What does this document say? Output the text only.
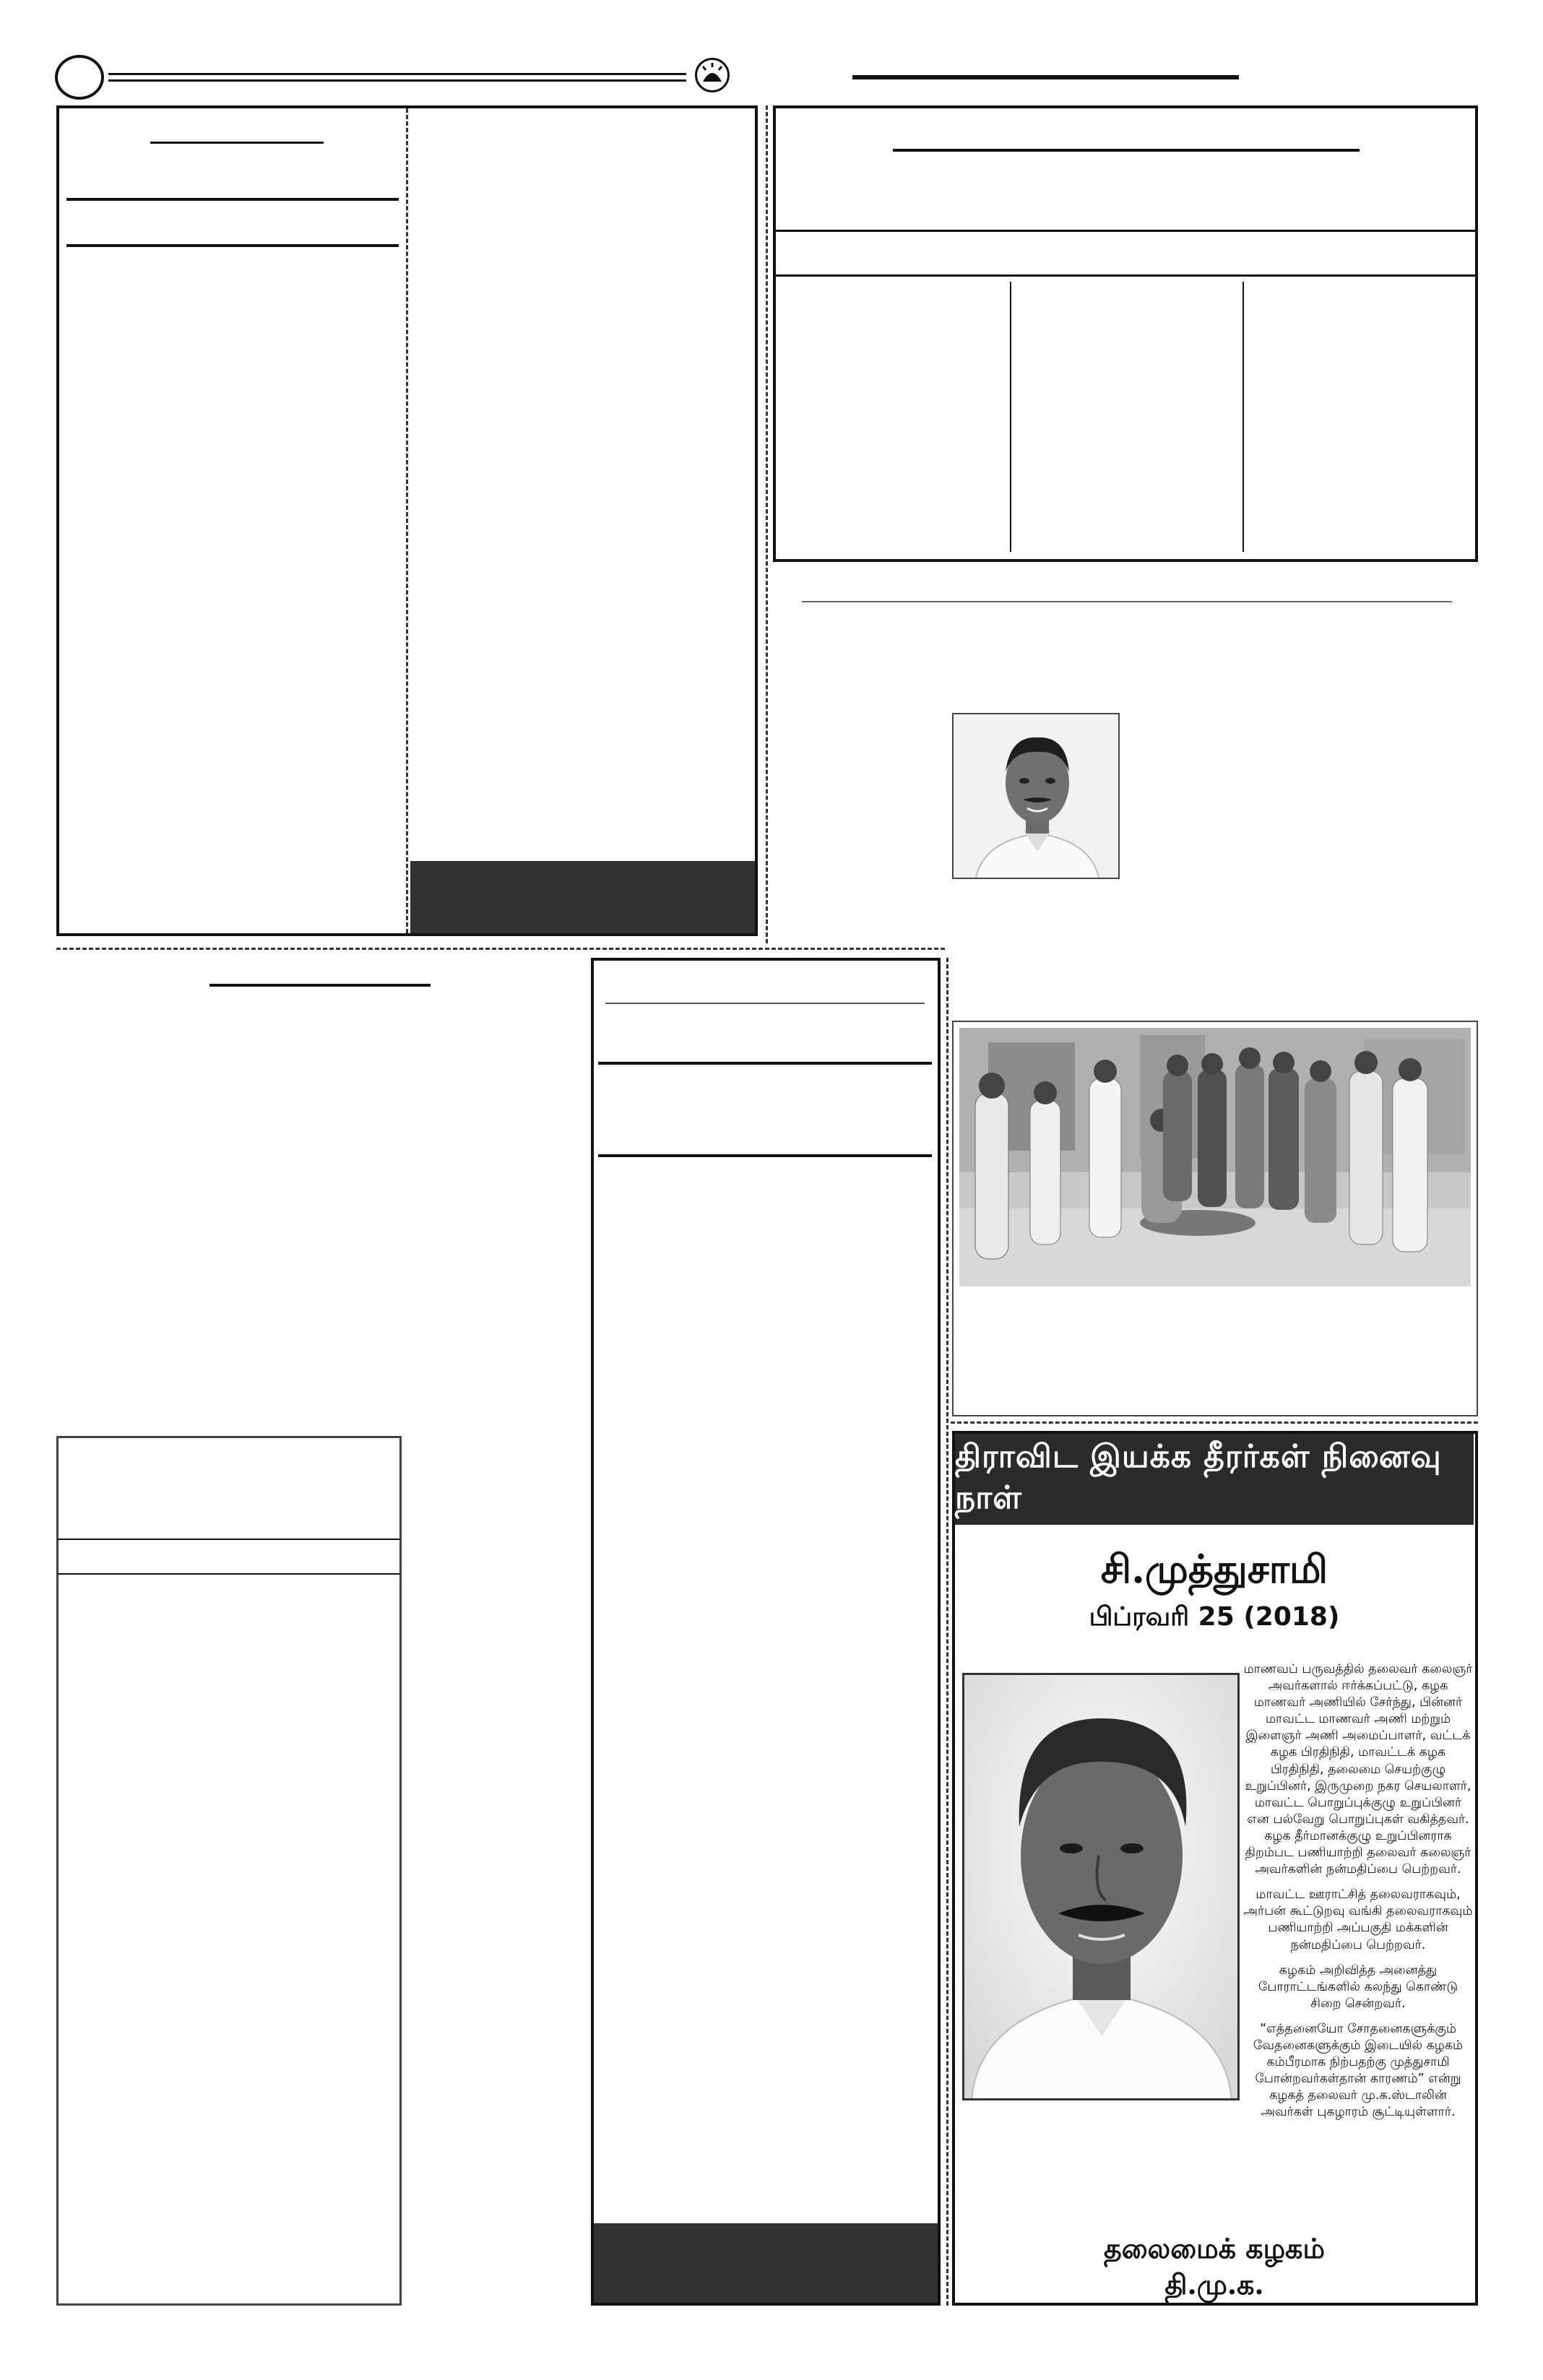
திராவிட இயக்க தீரர்கள் நினைவு நாள்
சி.முத்துசாமி
பிப்ரவரி 25 (2018)

மாணவப் பருவத்தில் தலைவர் கலைஞர் அவர்களால் ஈர்க்கப்பட்டு, கழக மாணவர் அணியில் சேர்ந்து, பின்னர் மாவட்ட மாணவர் அணி மற்றும் இளைஞர் அணி அமைப்பாளர், வட்டக் கழக பிரதிநிதி, மாவட்டக் கழக பிரதிநிதி, தலைமை செயற்குழு உறுப்பினர், இருமுறை நகர செயலாளர், மாவட்ட பொறுப்புக்குழு உறுப்பினர் என பல்வேறு பொறுப்புகள் வகித்தவர். கழக தீர்மானக்குழு உறுப்பினராக திறம்பட பணியாற்றி தலைவர் கலைஞர் அவர்களின் நன்மதிப்பை பெற்றவர்.

மாவட்ட ஊராட்சித் தலைவராகவும், அர்பன் கூட்டுறவு வங்கி தலைவராகவும் பணியாற்றி அப்பகுதி மக்களின் நன்மதிப்பை பெற்றவர்.

கழகம் அறிவித்த அனைத்து போராட்டங்களில் கலந்து கொண்டு சிறை சென்றவர்.

“எத்தனையோ சோதனைகளுக்கும் வேதனைகளுக்கும் இடையில் கழகம் கம்பீரமாக நிற்பதற்கு முத்துசாமி போன்றவர்கள்தான் காரணம்” என்று கழகத் தலைவர் மு.க.ஸ்டாலின் அவர்கள் புகழாரம் சூட்டியுள்ளார்.

தலைமைக் கழகம்
தி.மு.க.
